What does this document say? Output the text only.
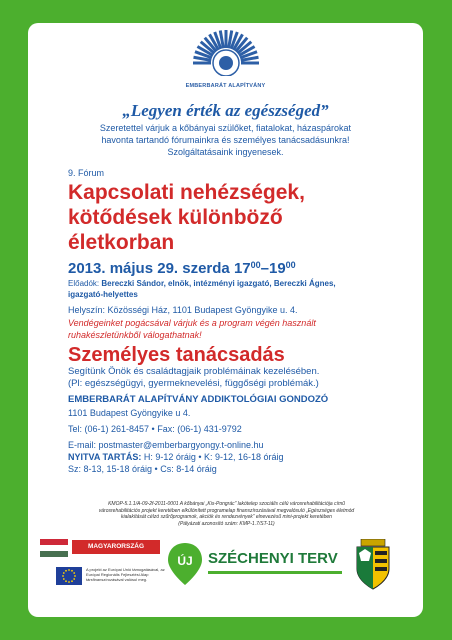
EMBERBARÁT ALAPÍTVÁNY
„Legyen érték az egészséged”
Szeretettel várjuk a kőbányai szülőket, fiatalokat, házaspárokat
havonta tartandó fórumainkra és személyes tanácsadásunkra!
Szolgáltatásaink ingyenesek.
9. Fórum
Kapcsolati nehézségek,
kötődések különböző
életkorban
2013. május 29. szerda $17^{00}-19^{00}$
Előadók: Bereczki Sándor, elnök, intézményi igazgató, Bereczki Ágnes,
igazgató-helyettes
Helyszín: Közösségi Ház, 1101 Budapest Gyöngyike u. 4.
Vendégeinket pogácsával várjuk és a program végén használt
ruhakészletünkből válogathatnak!
Személyes tanácsadás
Segítünk Önök és családtagjaik problémáinak kezelésében.
(Pl: egészségügyi, gyermeknevelési, függőségi problémák.)
EMBERBARÁT ALAPÍTVÁNY ADDIKTOLÓGIAI GONDOZÓ
1101 Budapest Gyöngyike u 4.
Tel: (06-1) 261-8457 • Fax: (06-1) 431-9792
E-mail: postmaster@emberbargyongy.t-online.hu
NYITVA TARTÁS: H: 9-12 óráig • K: 9-12, 16-18 óráig
Sz: 8-13, 15-18 óráig • Cs: 8-14 óráig
KMOP-5.1.1/A-09-2f-2011-0001 A kőbányai „Kis-Pongrác” lakótelep szociális célú városrehabilitációja című
városrehabilitációs projekt keretében elkülönített programelap finanszírozásával megvalósuló „Egészséges életmód
kialakítását célzó szűrőprogramok, akciók és rendezvények” elnevezésű mini-projekt keretében
(Pályázati azonosító szám: KMP-1.7/ST-11)
MAGYARORSZÁG MEGÚJUL
A projekt az Európai Unió támogatásával, az Európai Regionális Fejlesztési Alap társfinanszírozásával valósul meg.
ÚJ SZÉCHENYI TERV
